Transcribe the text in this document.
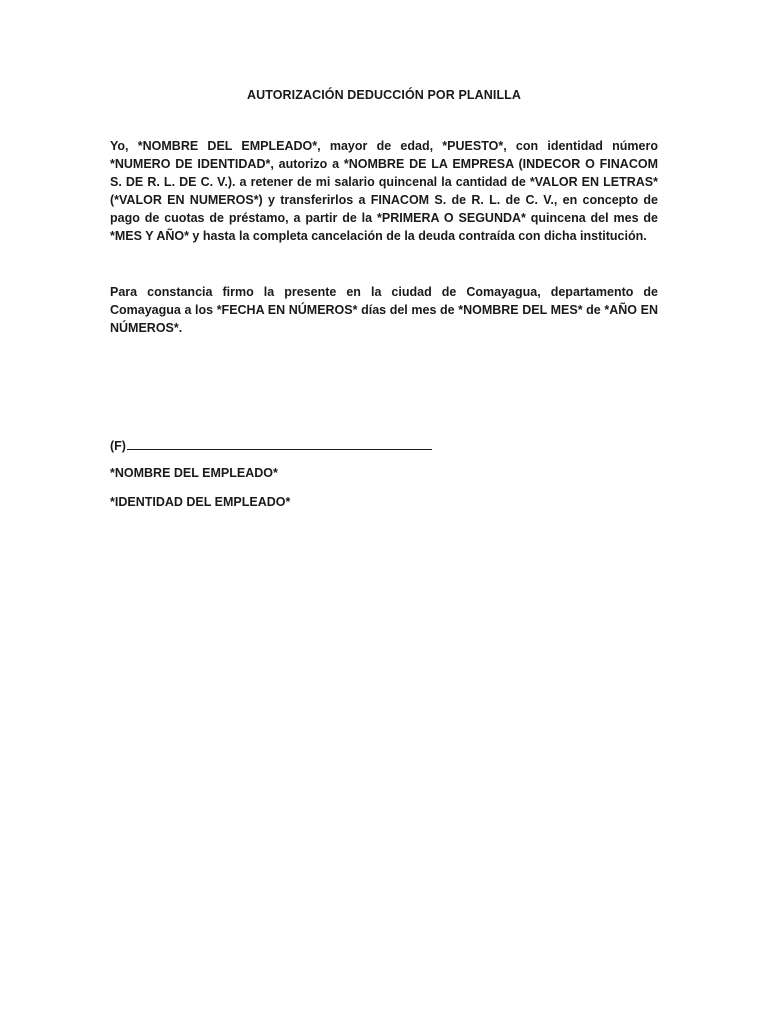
AUTORIZACIÓN DEDUCCIÓN POR PLANILLA
Yo, *NOMBRE DEL EMPLEADO*, mayor de edad, *PUESTO*, con identidad número *NUMERO DE IDENTIDAD*, autorizo a *NOMBRE DE LA EMPRESA (INDECOR O FINACOM S. DE R. L. DE C. V.). a retener de mi salario quincenal la cantidad de *VALOR EN LETRAS* (*VALOR EN NUMEROS*) y transferirlos a FINACOM S. de R. L. de C. V., en concepto de pago de cuotas de préstamo, a partir de la *PRIMERA O SEGUNDA* quincena del mes de *MES Y AÑO* y hasta la completa cancelación de la deuda contraída con dicha institución.
Para constancia firmo la presente en la ciudad de Comayagua, departamento de Comayagua a los *FECHA EN NÚMEROS* días del mes de *NOMBRE DEL MES* de *AÑO EN NÚMEROS*.
(F)
*NOMBRE DEL EMPLEADO*
*IDENTIDAD DEL EMPLEADO*
